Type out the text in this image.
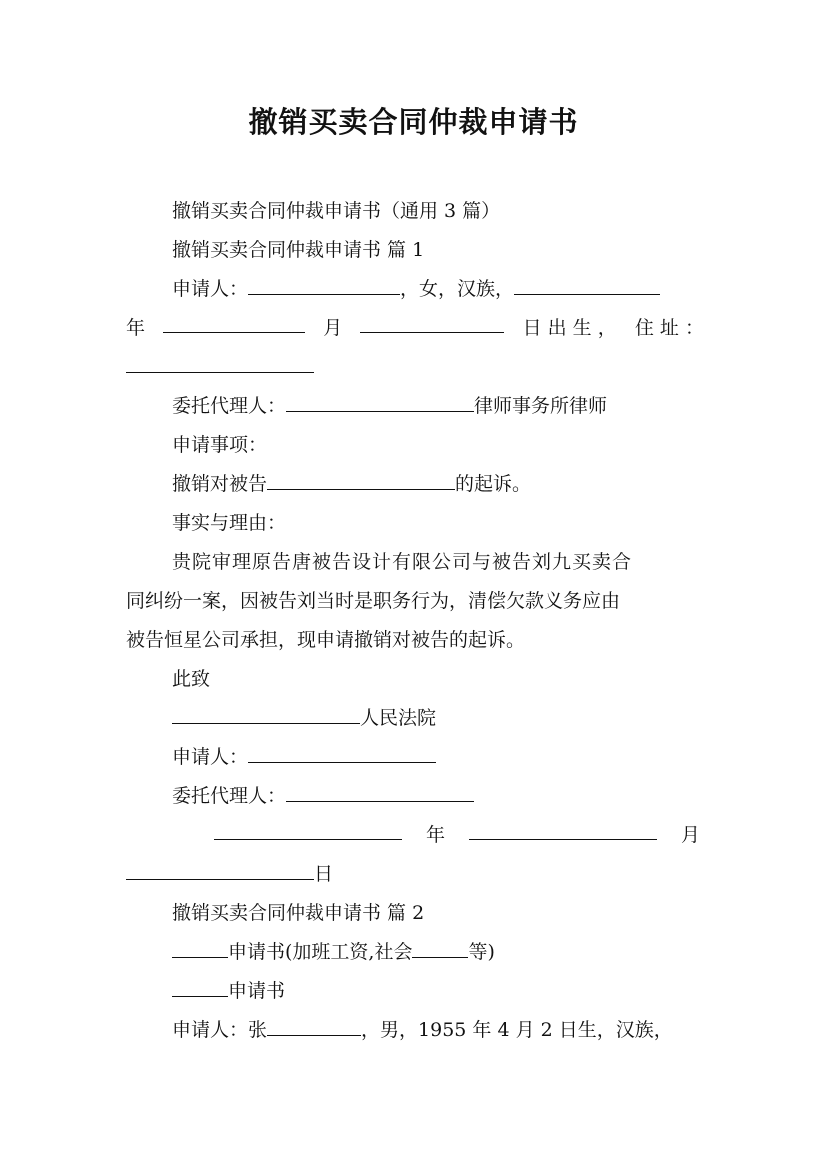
撤销买卖合同仲裁申请书
撤销买卖合同仲裁申请书（通用 3 篇）
撤销买卖合同仲裁申请书 篇 1
申请人：	，女，汉族，
年	月	日 出 生 ， 住 址 ：
委托代理人：	律师事务所律师
申请事项：
撤销对被告	的起诉。
事实与理由：
贵院审理原告唐被告设计有限公司与被告刘九买卖合
同纠纷一案，因被告刘当时是职务行为，清偿欠款义务应由
被告恒星公司承担，现申请撤销对被告的起诉。
此致
人民法院
申请人：
委托代理人：
年	月
日
撤销买卖合同仲裁申请书 篇 2
申请书(加班工资,社会	等)
申请书
申请人：张	，男，1955 年 4 月 2 日生，汉族，
